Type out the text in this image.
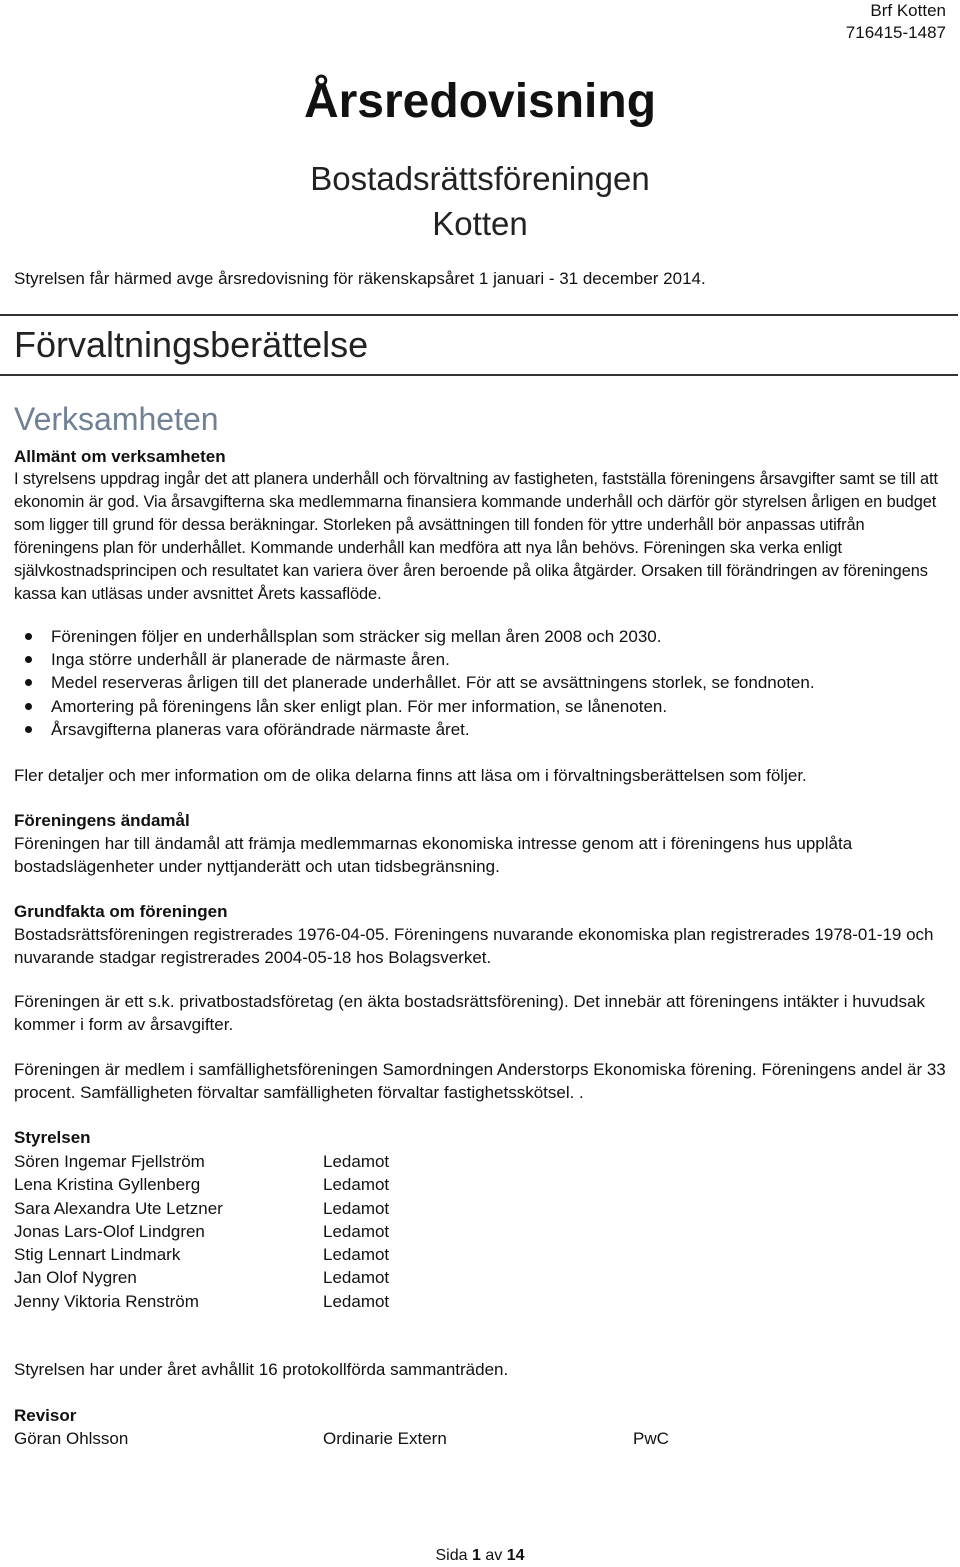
Brf Kotten
716415-1487
Årsredovisning
Bostadsrättsföreningen
Kotten
Styrelsen får härmed avge årsredovisning för räkenskapsåret 1 januari - 31 december 2014.
Förvaltningsberättelse
Verksamheten
Allmänt om verksamheten
I styrelsens uppdrag ingår det att planera underhåll och förvaltning av fastigheten, fastställa föreningens årsavgifter samt se till att ekonomin är god. Via årsavgifterna ska medlemmarna finansiera kommande underhåll och därför gör styrelsen årligen en budget som ligger till grund för dessa beräkningar. Storleken på avsättningen till fonden för yttre underhåll bör anpassas utifrån föreningens plan för underhållet. Kommande underhåll kan medföra att nya lån behövs. Föreningen ska verka enligt självkostnadsprincipen och resultatet kan variera över åren beroende på olika åtgärder. Orsaken till förändringen av föreningens kassa kan utläsas under avsnittet Årets kassaflöde.
Föreningen följer en underhållsplan som sträcker sig mellan åren 2008 och 2030.
Inga större underhåll är planerade de närmaste åren.
Medel reserveras årligen till det planerade underhållet. För att se avsättningens storlek, se fondnoten.
Amortering på föreningens lån sker enligt plan. För mer information, se lånenoten.
Årsavgifterna planeras vara oförändrade närmaste året.
Fler detaljer och mer information om de olika delarna finns att läsa om i förvaltningsberättelsen som följer.
Föreningens ändamål
Föreningen har till ändamål att främja medlemmarnas ekonomiska intresse genom att i föreningens hus upplåta bostadslägenheter under nyttjanderätt och utan tidsbegränsning.
Grundfakta om föreningen
Bostadsrättsföreningen registrerades 1976-04-05. Föreningens nuvarande ekonomiska plan registrerades 1978-01-19 och nuvarande stadgar registrerades 2004-05-18 hos Bolagsverket.
Föreningen är ett s.k. privatbostadsföretag (en äkta bostadsrättsförening). Det innebär att föreningens intäkter i huvudsak kommer i form av årsavgifter.
Föreningen är medlem i samfällighetsföreningen Samordningen Anderstorps Ekonomiska förening. Föreningens andel är 33 procent. Samfälligheten förvaltar samfälligheten förvaltar fastighetsskötsel. .
Styrelsen
Sören Ingemar Fjellström	Ledamot
Lena Kristina Gyllenberg	Ledamot
Sara Alexandra Ute Letzner	Ledamot
Jonas Lars-Olof Lindgren	Ledamot
Stig Lennart Lindmark	Ledamot
Jan Olof Nygren	Ledamot
Jenny Viktoria Renström	Ledamot
Styrelsen har under året avhållit 16 protokollförda sammanträden.
Revisor
Göran Ohlsson	Ordinarie Extern	PwC
Sida 1 av 14
